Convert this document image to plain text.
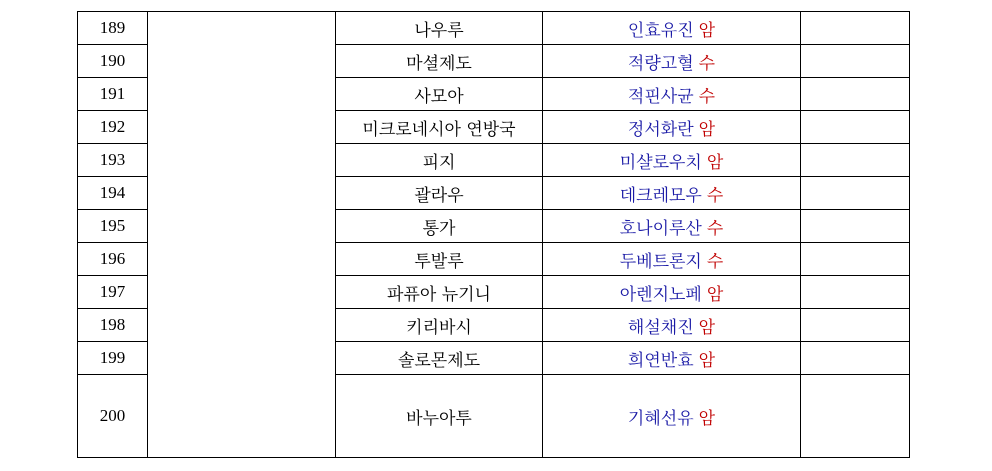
189		나우루	인효유진 암	
190		마셜제도	적량고혈 수	
191		사모아	적핀사균 수	
192		미크로네시아 연방국	정서화란 암	
193		피지	미샬로우치 암	
194		괄라우	데크레모우 수	
195		통가	호나이루산 수	
196		투발루	두베트론지 수	
197		파퓨아 뉴기니	아렌지노페 암	
198		키리바시	해설채진 암	
199		솔로몬제도	희연반효 암	
200		바누아투	기혜선유 암	
